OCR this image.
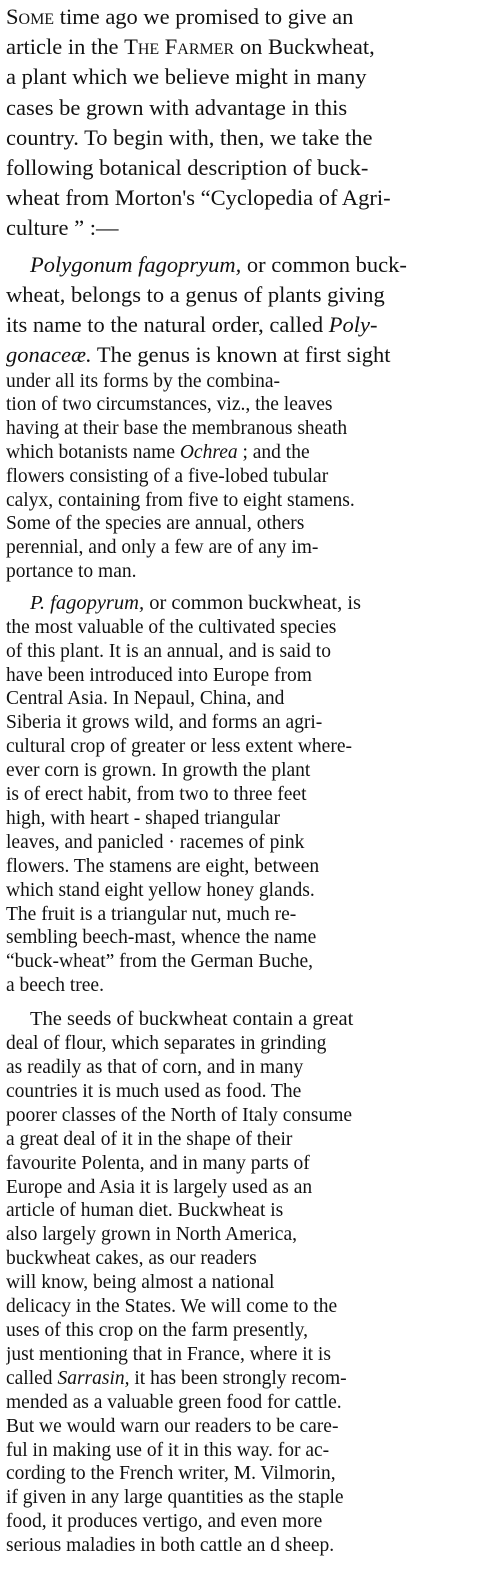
Some time ago we promised to give an
article in the The Farmer on Buckwheat,
a plant which we believe might in many
cases be grown with advantage in this
country. To begin with, then, we take the
following botanical description of buck-
wheat from Morton's “Cyclopedia of Agri-
culture ” :—
Polygonum fagopryum, or common buck-
wheat, belongs to a genus of plants giving
its name to the natural order, called Poly-
gonaceæ. The genus is known at first sight
under all its forms by the combina-
tion of two circumstances, viz., the leaves
having at their base the membranous sheath
which botanists name Ochrea ; and the
flowers consisting of a five-lobed tubular
calyx, containing from five to eight stamens.
Some of the species are annual, others
perennial, and only a few are of any im-
portance to man.
P. fagopyrum, or common buckwheat, is
the most valuable of the cultivated species
of this plant. It is an annual, and is said to
have been introduced into Europe from
Central Asia. In Nepaul, China, and
Siberia it grows wild, and forms an agri-
cultural crop of greater or less extent where-
ever corn is grown. In growth the plant
is of erect habit, from two to three feet
high, with heart - shaped triangular
leaves, and panicled · racemes of pink
flowers. The stamens are eight, between
which stand eight yellow honey glands.
The fruit is a triangular nut, much re-
sembling beech-mast, whence the name
“buck-wheat” from the German Buche,
a beech tree.
The seeds of buckwheat contain a great
deal of flour, which separates in grinding
as readily as that of corn, and in many
countries it is much used as food. The
poorer classes of the North of Italy consume
a great deal of it in the shape of their
favourite Polenta, and in many parts of
Europe and Asia it is largely used as an
article of human diet. Buckwheat is
also largely grown in North America,
buckwheat cakes, as our readers
will know, being almost a national
delicacy in the States. We will come to the
uses of this crop on the farm presently,
just mentioning that in France, where it is
called Sarrasin, it has been strongly recom-
mended as a valuable green food for cattle.
But we would warn our readers to be care-
ful in making use of it in this way. for ac-
cording to the French writer, M. Vilmorin,
if given in any large quantities as the staple
food, it produces vertigo, and even more
serious maladies in both cattle an d sheep.
